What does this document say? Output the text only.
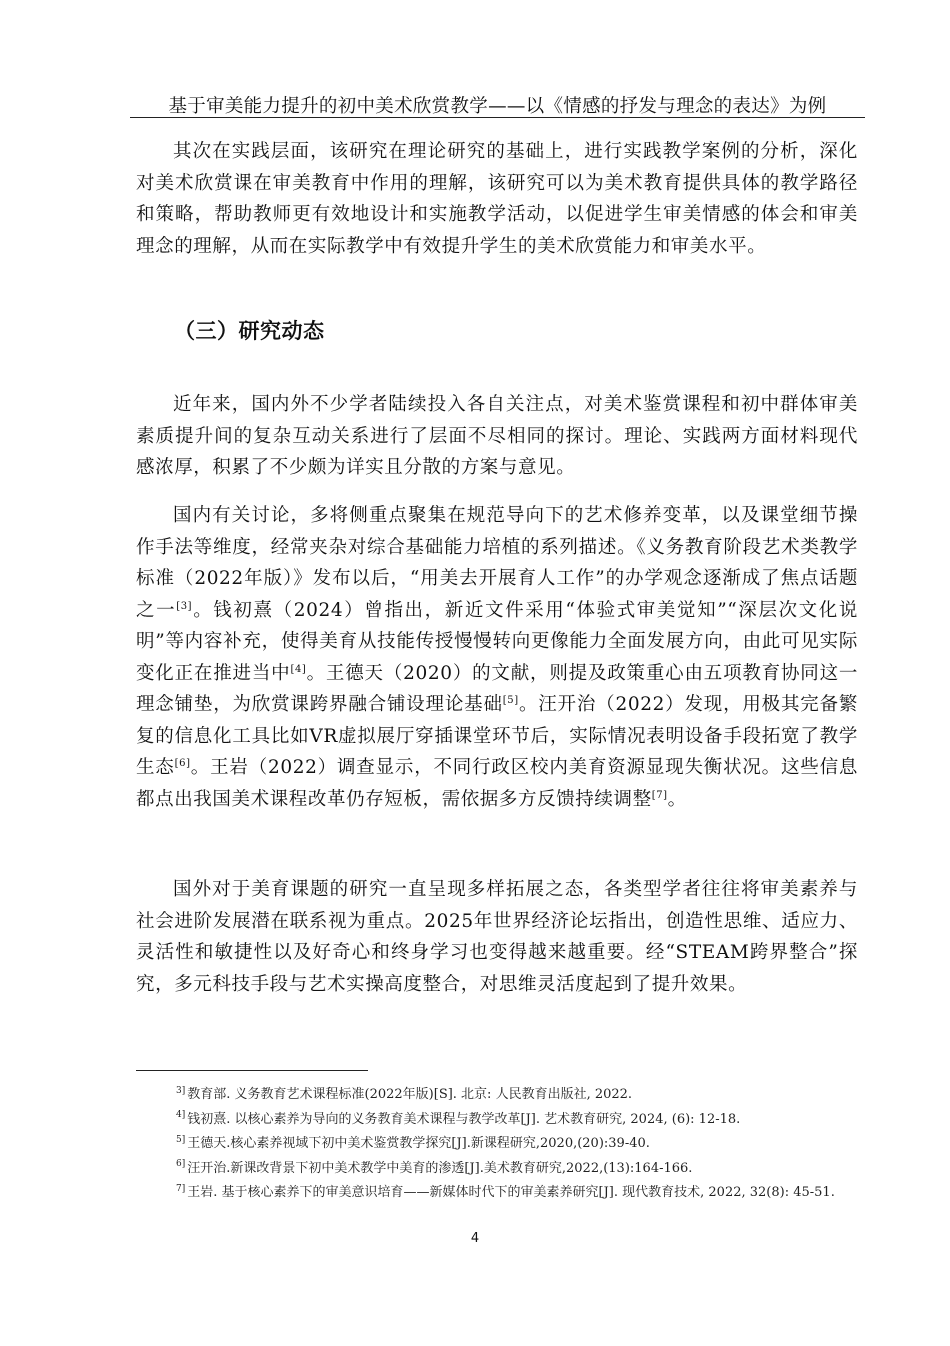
基于审美能力提升的初中美术欣赏教学——以《情感的抒发与理念的表达》为例

其次在实践层面，该研究在理论研究的基础上，进行实践教学案例的分析，深化对美术欣赏课在审美教育中作用的理解，该研究可以为美术教育提供具体的教学路径和策略，帮助教师更有效地设计和实施教学活动，以促进学生审美情感的体会和审美理念的理解，从而在实际教学中有效提升学生的美术欣赏能力和审美水平。

（三）研究动态

近年来，国内外不少学者陆续投入各自关注点，对美术鉴赏课程和初中群体审美素质提升间的复杂互动关系进行了层面不尽相同的探讨。理论、实践两方面材料现代感浓厚，积累了不少颇为详实且分散的方案与意见。

国内有关讨论，多将侧重点聚集在规范导向下的艺术修养变革，以及课堂细节操作手法等维度，经常夹杂对综合基础能力培植的系列描述。《义务教育阶段艺术类教学标准（2022年版）》发布以后，“用美去开展育人工作”的办学观念逐渐成了焦点话题之一[3]。钱初熹（2024）曾指出，新近文件采用“体验式审美觉知”“深层次文化说明”等内容补充，使得美育从技能传授慢慢转向更像能力全面发展方向，由此可见实际变化正在推进当中[4]。王德天（2020）的文献，则提及政策重心由五项教育协同这一理念铺垫，为欣赏课跨界融合铺设理论基础[5]。汪开治（2022）发现，用极其完备繁复的信息化工具比如VR虚拟展厅穿插课堂环节后，实际情况表明设备手段拓宽了教学生态[6]。王岩（2022）调查显示，不同行政区校内美育资源显现失衡状况。这些信息都点出我国美术课程改革仍存短板，需依据多方反馈持续调整[7]。

国外对于美育课题的研究一直呈现多样拓展之态，各类型学者往往将审美素养与社会进阶发展潜在联系视为重点。2025年世界经济论坛指出，创造性思维、适应力、灵活性和敏捷性以及好奇心和终身学习也变得越来越重要。经“STEAM跨界整合”探究，多元科技手段与艺术实操高度整合，对思维灵活度起到了提升效果。

$^{3]}$ 教育部. 义务教育艺术课程标准(2022年版)[S]. 北京: 人民教育出版社, 2022.
$^{4]}$ 钱初熹. 以核心素养为导向的义务教育美术课程与教学改革[J]. 艺术教育研究, 2024, (6): 12-18.
$^{5]}$ 王德天.核心素养视域下初中美术鉴赏教学探究[J].新课程研究,2020,(20):39-40.
$^{6]}$ 汪开治.新课改背景下初中美术教学中美育的渗透[J].美术教育研究,2022,(13):164-166.
$^{7]}$ 王岩. 基于核心素养下的审美意识培育——新媒体时代下的审美素养研究[J]. 现代教育技术, 2022, 32(8): 45-51.
4
